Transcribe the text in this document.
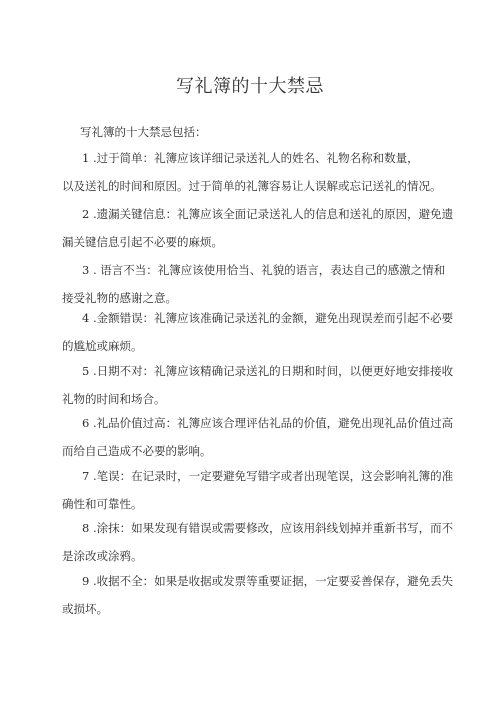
写礼簿的十大禁忌
写礼簿的十大禁忌包括：
1 .过于简单：礼簿应该详细记录送礼人的姓名、礼物名称和数量，
以及送礼的时间和原因。过于简单的礼簿容易让人误解或忘记送礼的情况。
2 .遗漏关键信息：礼簿应该全面记录送礼人的信息和送礼的原因，避免遗
漏关键信息引起不必要的麻烦。
3 . 语言不当：礼簿应该使用恰当、礼貌的语言，表达自己的感激之情和
接受礼物的感谢之意。
4 .金额错误：礼簿应该准确记录送礼的金额，避免出现误差而引起不必要
的尴尬或麻烦。
5 .日期不对：礼簿应该精确记录送礼的日期和时间，以便更好地安排接收
礼物的时间和场合。
6 .礼品价值过高：礼簿应该合理评估礼品的价值，避免出现礼品价值过高
而给自己造成不必要的影响。
7 .笔误：在记录时，一定要避免写错字或者出现笔误，这会影响礼簿的准
确性和可靠性。
8 .涂抹：如果发现有错误或需要修改，应该用斜线划掉并重新书写，而不
是涂改或涂鸦。
9 .收据不全：如果是收据或发票等重要证据，一定要妥善保存，避免丢失
或损坏。
